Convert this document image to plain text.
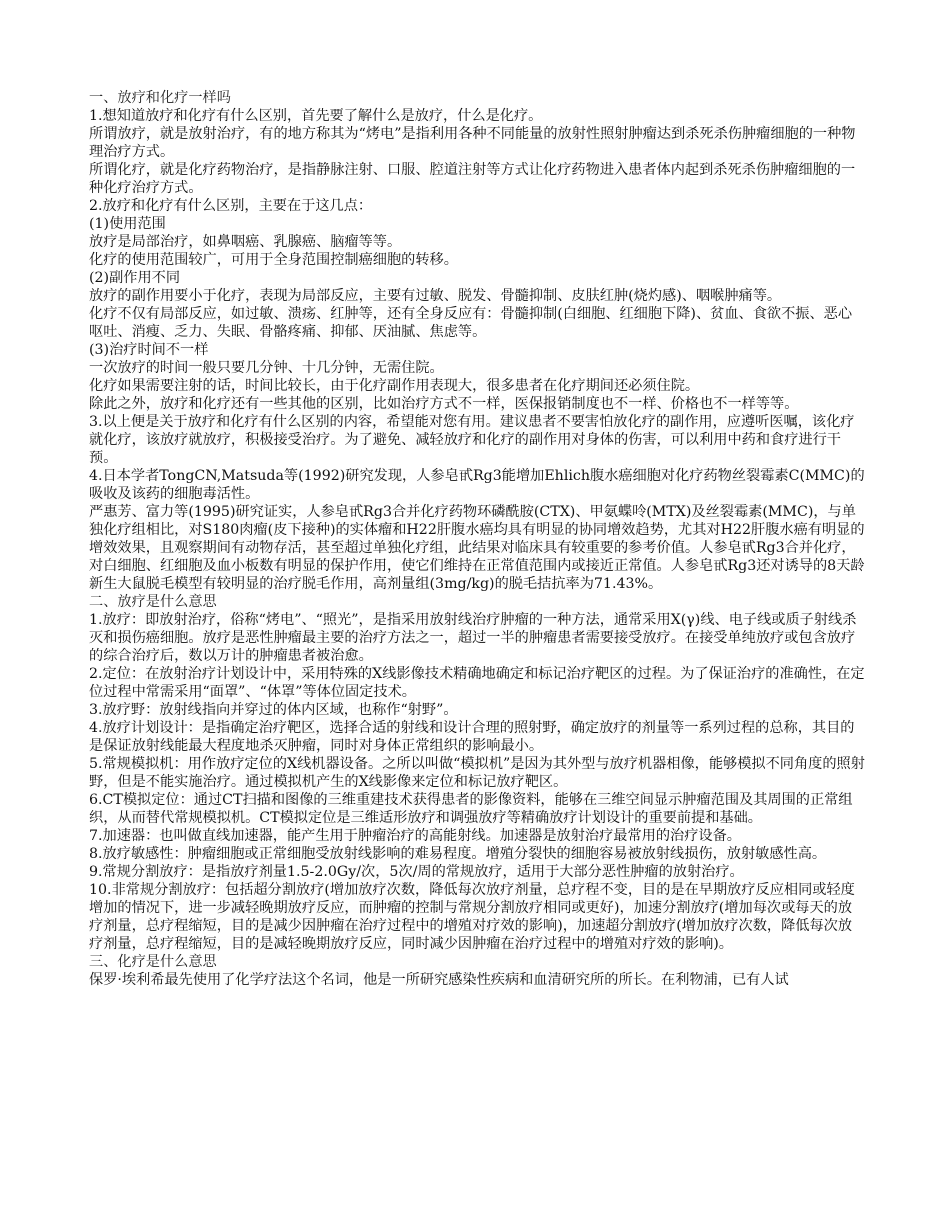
一、放疗和化疗一样吗

1.想知道放疗和化疗有什么区别，首先要了解什么是放疗，什么是化疗。

所谓放疗，就是放射治疗，有的地方称其为“烤电”是指利用各种不同能量的放射性照射肿瘤达到杀死杀伤肿瘤细胞的一种物理治疗方式。

所谓化疗，就是化疗药物治疗，是指静脉注射、口服、腔道注射等方式让化疗药物进入患者体内起到杀死杀伤肿瘤细胞的一种化疗治疗方式。

2.放疗和化疗有什么区别，主要在于这几点：

(1)使用范围

放疗是局部治疗，如鼻咽癌、乳腺癌、脑瘤等等。

化疗的使用范围较广，可用于全身范围控制癌细胞的转移。

(2)副作用不同

放疗的副作用要小于化疗，表现为局部反应，主要有过敏、脱发、骨髓抑制、皮肤红肿(烧灼感)、咽喉肿痛等。

化疗不仅有局部反应，如过敏、溃疡、红肿等，还有全身反应有：骨髓抑制(白细胞、红细胞下降)、贫血、食欲不振、恶心呕吐、消瘦、乏力、失眠、骨骼疼痛、抑郁、厌油腻、焦虑等。

(3)治疗时间不一样

一次放疗的时间一般只要几分钟、十几分钟，无需住院。

化疗如果需要注射的话，时间比较长，由于化疗副作用表现大，很多患者在化疗期间还必须住院。

除此之外，放疗和化疗还有一些其他的区别，比如治疗方式不一样，医保报销制度也不一样、价格也不一样等等。

3.以上便是关于放疗和化疗有什么区别的内容，希望能对您有用。建议患者不要害怕放化疗的副作用，应遵听医嘱，该化疗就化疗，该放疗就放疗，积极接受治疗。为了避免、减轻放疗和化疗的副作用对身体的伤害，可以利用中药和食疗进行干预。

4.日本学者TongCN,Matsuda等(1992)研究发现，人参皂甙Rg3能增加Ehlich腹水癌细胞对化疗药物丝裂霉素C(MMC)的吸收及该药的细胞毒活性。

严惠芳、富力等(1995)研究证实，人参皂甙Rg3合并化疗药物环磷酰胺(CTX)、甲氨蝶呤(MTX)及丝裂霉素(MMC)，与单独化疗组相比，对S180肉瘤(皮下接种)的实体瘤和H22肝腹水癌均具有明显的协同增效趋势，尤其对H22肝腹水癌有明显的增效效果，且观察期间有动物存活，甚至超过单独化疗组，此结果对临床具有较重要的参考价值。人参皂甙Rg3合并化疗，对白细胞、红细胞及血小板数有明显的保护作用，使它们维持在正常值范围内或接近正常值。人参皂甙Rg3还对诱导的8天龄新生大鼠脱毛模型有较明显的治疗脱毛作用，高剂量组(3mg/kg)的脱毛拮抗率为71.43%。

二、放疗是什么意思

1.放疗：即放射治疗，俗称“烤电”、“照光”，是指采用放射线治疗肿瘤的一种方法，通常采用X(γ)线、电子线或质子射线杀灭和损伤癌细胞。放疗是恶性肿瘤最主要的治疗方法之一，超过一半的肿瘤患者需要接受放疗。在接受单纯放疗或包含放疗的综合治疗后，数以万计的肿瘤患者被治愈。

2.定位：在放射治疗计划设计中，采用特殊的X线影像技术精确地确定和标记治疗靶区的过程。为了保证治疗的准确性，在定位过程中常需采用“面罩”、“体罩”等体位固定技术。

3.放疗野：放射线指向并穿过的体内区域，也称作“射野”。

4.放疗计划设计：是指确定治疗靶区，选择合适的射线和设计合理的照射野，确定放疗的剂量等一系列过程的总称，其目的是保证放射线能最大程度地杀灭肿瘤，同时对身体正常组织的影响最小。

5.常规模拟机：用作放疗定位的X线机器设备。之所以叫做“模拟机”是因为其外型与放疗机器相像，能够模拟不同角度的照射野，但是不能实施治疗。通过模拟机产生的X线影像来定位和标记放疗靶区。

6.CT模拟定位：通过CT扫描和图像的三维重建技术获得患者的影像资料，能够在三维空间显示肿瘤范围及其周围的正常组织，从而替代常规模拟机。CT模拟定位是三维适形放疗和调强放疗等精确放疗计划设计的重要前提和基础。

7.加速器：也叫做直线加速器，能产生用于肿瘤治疗的高能射线。加速器是放射治疗最常用的治疗设备。

8.放疗敏感性：肿瘤细胞或正常细胞受放射线影响的难易程度。增殖分裂快的细胞容易被放射线损伤，放射敏感性高。

9.常规分割放疗：是指放疗剂量1.5-2.0Gy/次，5次/周的常规放疗，适用于大部分恶性肿瘤的放射治疗。

10.非常规分割放疗：包括超分割放疗(增加放疗次数，降低每次放疗剂量，总疗程不变，目的是在早期放疗反应相同或轻度增加的情况下，进一步减轻晚期放疗反应，而肿瘤的控制与常规分割放疗相同或更好)，加速分割放疗(增加每次或每天的放疗剂量，总疗程缩短，目的是减少因肿瘤在治疗过程中的增殖对疗效的影响)，加速超分割放疗(增加放疗次数，降低每次放疗剂量，总疗程缩短，目的是减轻晚期放疗反应，同时减少因肿瘤在治疗过程中的增殖对疗效的影响)。

三、化疗是什么意思

保罗·埃利希最先使用了化学疗法这个名词，他是一所研究感染性疾病和血清研究所的所长。在利物浦，已有人试
